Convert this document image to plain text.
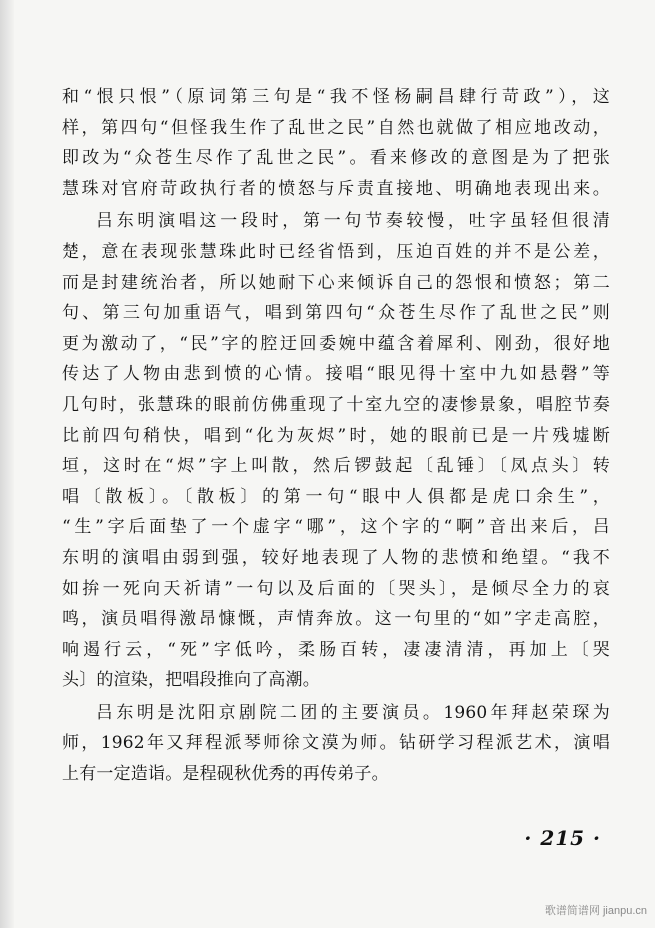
和“恨只恨”（原词第三句是“我不怪杨嗣昌肆行苛政”），这
样，第四句“但怪我生作了乱世之民”自然也就做了相应地改动，
即改为“众苍生尽作了乱世之民”。看来修改的意图是为了把张
慧珠对官府苛政执行者的愤怒与斥责直接地、明确地表现出来。
吕东明演唱这一段时，第一句节奏较慢，吐字虽轻但很清
楚，意在表现张慧珠此时已经省悟到，压迫百姓的并不是公差，
而是封建统治者，所以她耐下心来倾诉自己的怨恨和愤怒；第二
句、第三句加重语气，唱到第四句“众苍生尽作了乱世之民”则
更为激动了，“民”字的腔迂回委婉中蕴含着犀利、刚劲，很好地
传达了人物由悲到愤的心情。接唱“眼见得十室中九如悬磬”等
几句时，张慧珠的眼前仿佛重现了十室九空的凄惨景象，唱腔节奏
比前四句稍快，唱到“化为灰烬”时，她的眼前已是一片残墟断
垣，这时在“烬”字上叫散，然后锣鼓起〔乱锤〕〔凤点头〕转
唱〔散板〕。〔散板〕的第一句“眼中人俱都是虎口余生”，
“生”字后面垫了一个虚字“哪”，这个字的“啊”音出来后，吕
东明的演唱由弱到强，较好地表现了人物的悲愤和绝望。“我不
如拚一死向天祈请”一句以及后面的〔哭头〕，是倾尽全力的哀
鸣，演员唱得激昂慷慨，声情奔放。这一句里的“如”字走高腔，
响遏行云，“死”字低吟，柔肠百转，凄凄清清，再加上〔哭
头〕的渲染，把唱段推向了高潮。
吕东明是沈阳京剧院二团的主要演员。1960年拜赵荣琛为
师，1962年又拜程派琴师徐文漠为师。钻研学习程派艺术，演唱
上有一定造诣。是程砚秋优秀的再传弟子。
· 215 ·
歌谱简谱网 jianpu.cn
